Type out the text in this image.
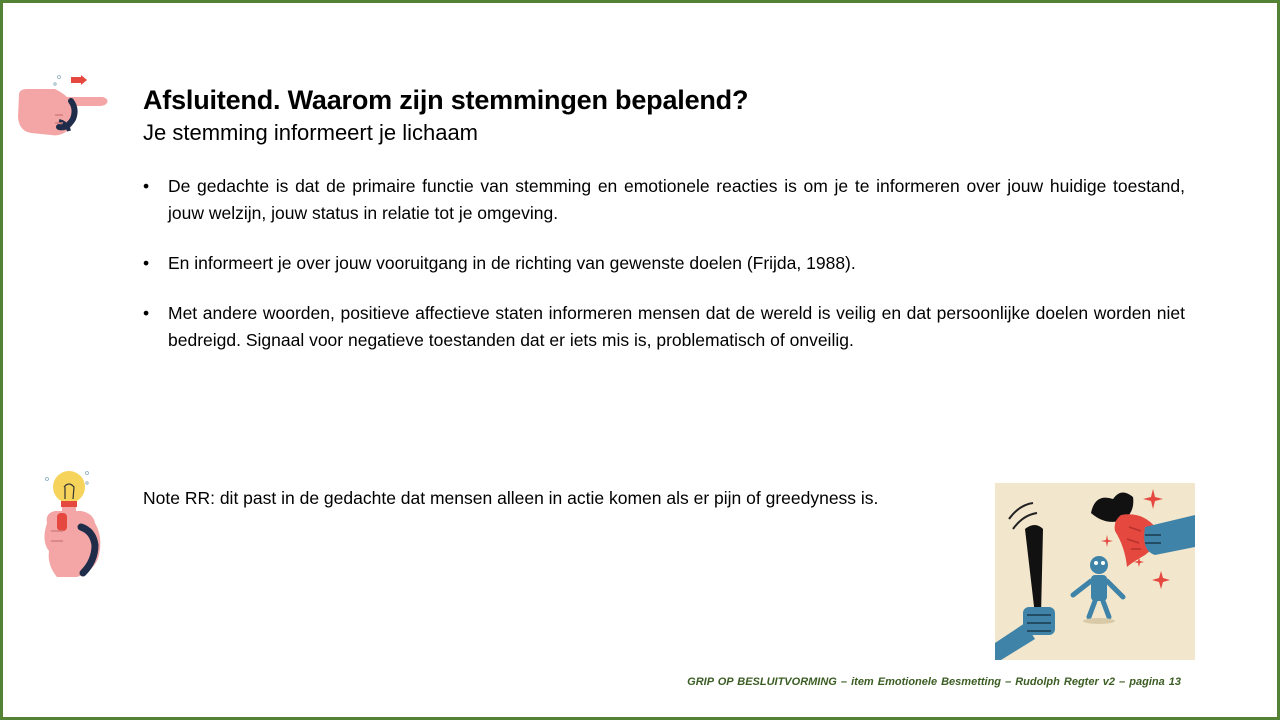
Afsluitend. Waarom zijn stemmingen bepalend?
Je stemming informeert je lichaam
• De gedachte is dat de primaire functie van stemming en emotionele reacties is om je te informeren over jouw huidige toestand, jouw welzijn, jouw status in relatie tot je omgeving.
• En informeert je over jouw vooruitgang in de richting van gewenste doelen (Frijda, 1988).
• Met andere woorden, positieve affectieve staten informeren mensen dat de wereld is veilig en dat persoonlijke doelen worden niet bedreigd. Signaal voor negatieve toestanden dat er iets mis is, problematisch of onveilig.
Note RR: dit past in de gedachte dat mensen alleen in actie komen als er pijn of greedyness is.
GRIP OP BESLUITVORMING – item Emotionele Besmetting – Rudolph Regter v2 – pagina 13
